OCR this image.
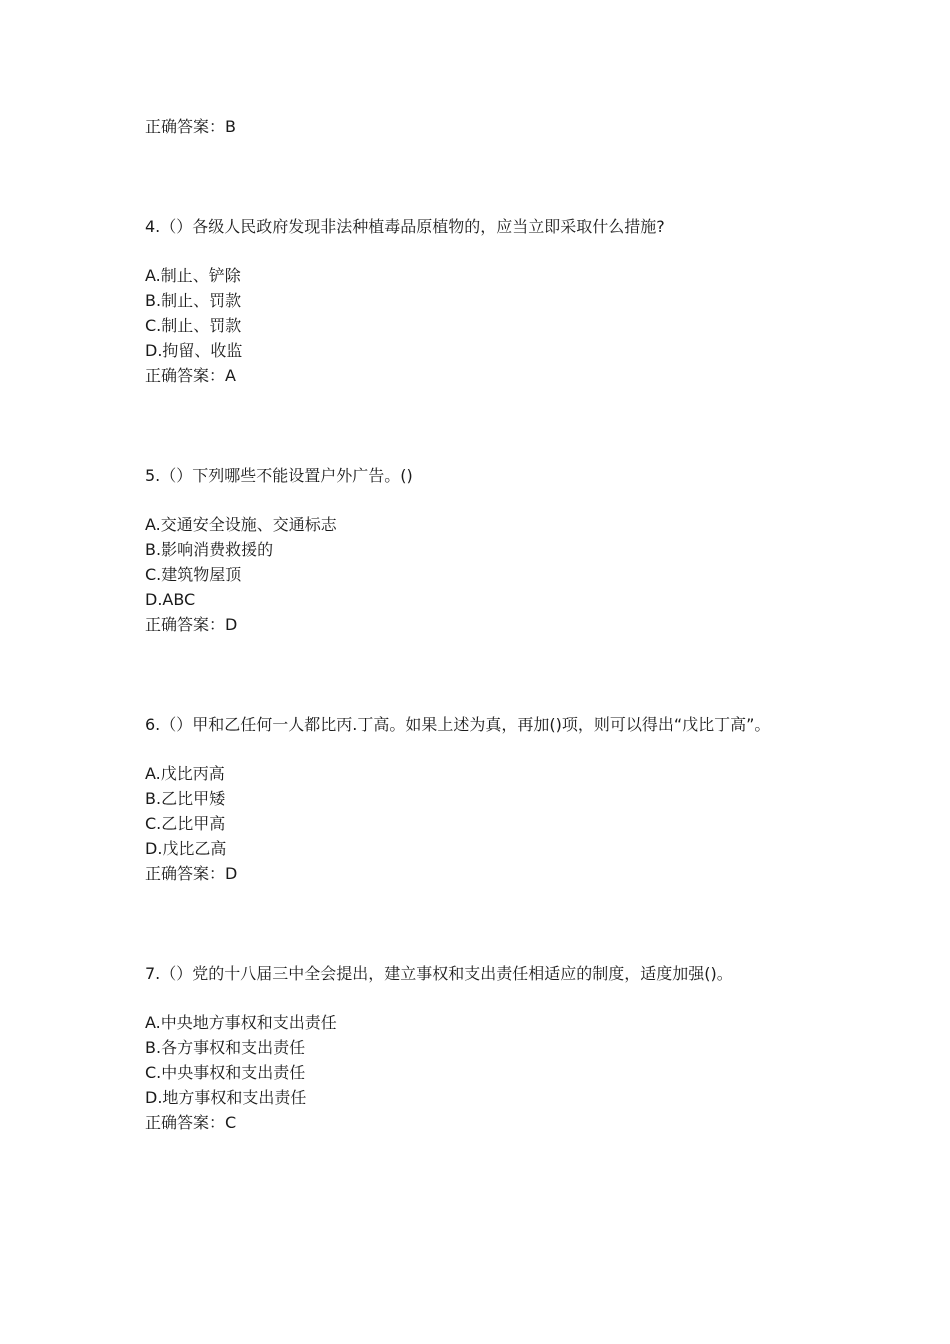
正确答案：B
4.（）各级人民政府发现非法种植毒品原植物的，应当立即采取什么措施?
A.制止、铲除
B.制止、罚款
C.制止、罚款
D.拘留、收监
正确答案：A
5.（）下列哪些不能设置户外广告。()
A.交通安全设施、交通标志
B.影响消费救援的
C.建筑物屋顶
D.ABC
正确答案：D
6.（）甲和乙任何一人都比丙.丁高。如果上述为真，再加()项，则可以得出“戊比丁高”。
A.戊比丙高
B.乙比甲矮
C.乙比甲高
D.戊比乙高
正确答案：D
7.（）党的十八届三中全会提出，建立事权和支出责任相适应的制度，适度加强()。
A.中央地方事权和支出责任
B.各方事权和支出责任
C.中央事权和支出责任
D.地方事权和支出责任
正确答案：C
